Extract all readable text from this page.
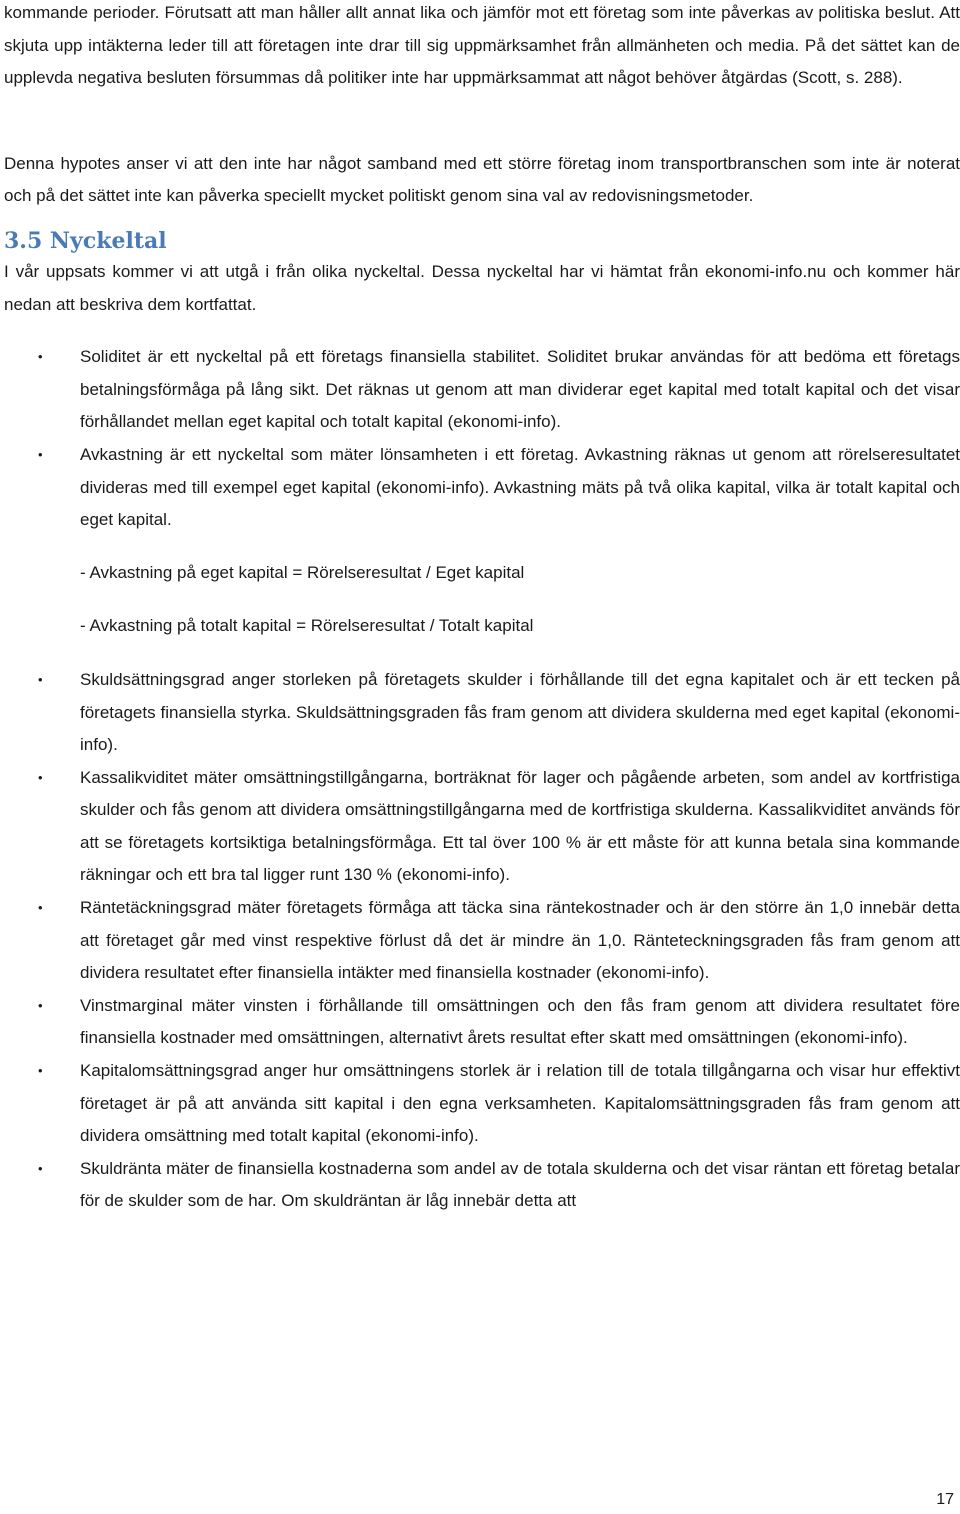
kommande perioder. Förutsatt att man håller allt annat lika och jämför mot ett företag som inte påverkas av politiska beslut. Att skjuta upp intäkterna leder till att företagen inte drar till sig uppmärksamhet från allmänheten och media. På det sättet kan de upplevda negativa besluten försummas då politiker inte har uppmärksammat att något behöver åtgärdas (Scott, s. 288).

Denna hypotes anser vi att den inte har något samband med ett större företag inom transportbranschen som inte är noterat och på det sättet inte kan påverka speciellt mycket politiskt genom sina val av redovisningsmetoder.

3.5 Nyckeltal

I vår uppsats kommer vi att utgå i från olika nyckeltal. Dessa nyckeltal har vi hämtat från ekonomi-info.nu och kommer här nedan att beskriva dem kortfattat.

• Soliditet är ett nyckeltal på ett företags finansiella stabilitet. Soliditet brukar användas för att bedöma ett företags betalningsförmåga på lång sikt. Det räknas ut genom att man dividerar eget kapital med totalt kapital och det visar förhållandet mellan eget kapital och totalt kapital (ekonomi-info).
• Avkastning är ett nyckeltal som mäter lönsamheten i ett företag. Avkastning räknas ut genom att rörelseresultatet divideras med till exempel eget kapital (ekonomi-info). Avkastning mäts på två olika kapital, vilka är totalt kapital och eget kapital.

- Avkastning på eget kapital = Rörelseresultat / Eget kapital

- Avkastning på totalt kapital = Rörelseresultat / Totalt kapital

• Skuldsättningsgrad anger storleken på företagets skulder i förhållande till det egna kapitalet och är ett tecken på företagets finansiella styrka. Skuldsättningsgraden fås fram genom att dividera skulderna med eget kapital (ekonomi-info).
• Kassalikviditet mäter omsättningstillgångarna, borträknat för lager och pågående arbeten, som andel av kortfristiga skulder och fås genom att dividera omsättningstillgångarna med de kortfristiga skulderna. Kassalikviditet används för att se företagets kortsiktiga betalningsförmåga. Ett tal över 100 % är ett måste för att kunna betala sina kommande räkningar och ett bra tal ligger runt 130 % (ekonomi-info).
• Räntetäckningsgrad mäter företagets förmåga att täcka sina räntekostnader och är den större än 1,0 innebär detta att företaget går med vinst respektive förlust då det är mindre än 1,0. Ränteteckningsgraden fås fram genom att dividera resultatet efter finansiella intäkter med finansiella kostnader (ekonomi-info).
• Vinstmarginal mäter vinsten i förhållande till omsättningen och den fås fram genom att dividera resultatet före finansiella kostnader med omsättningen, alternativt årets resultat efter skatt med omsättningen (ekonomi-info).
• Kapitalomsättningsgrad anger hur omsättningens storlek är i relation till de totala tillgångarna och visar hur effektivt företaget är på att använda sitt kapital i den egna verksamheten. Kapitalomsättningsgraden fås fram genom att dividera omsättning med totalt kapital (ekonomi-info).
• Skuldränta mäter de finansiella kostnaderna som andel av de totala skulderna och det visar räntan ett företag betalar för de skulder som de har. Om skuldräntan är låg innebär detta att
17
